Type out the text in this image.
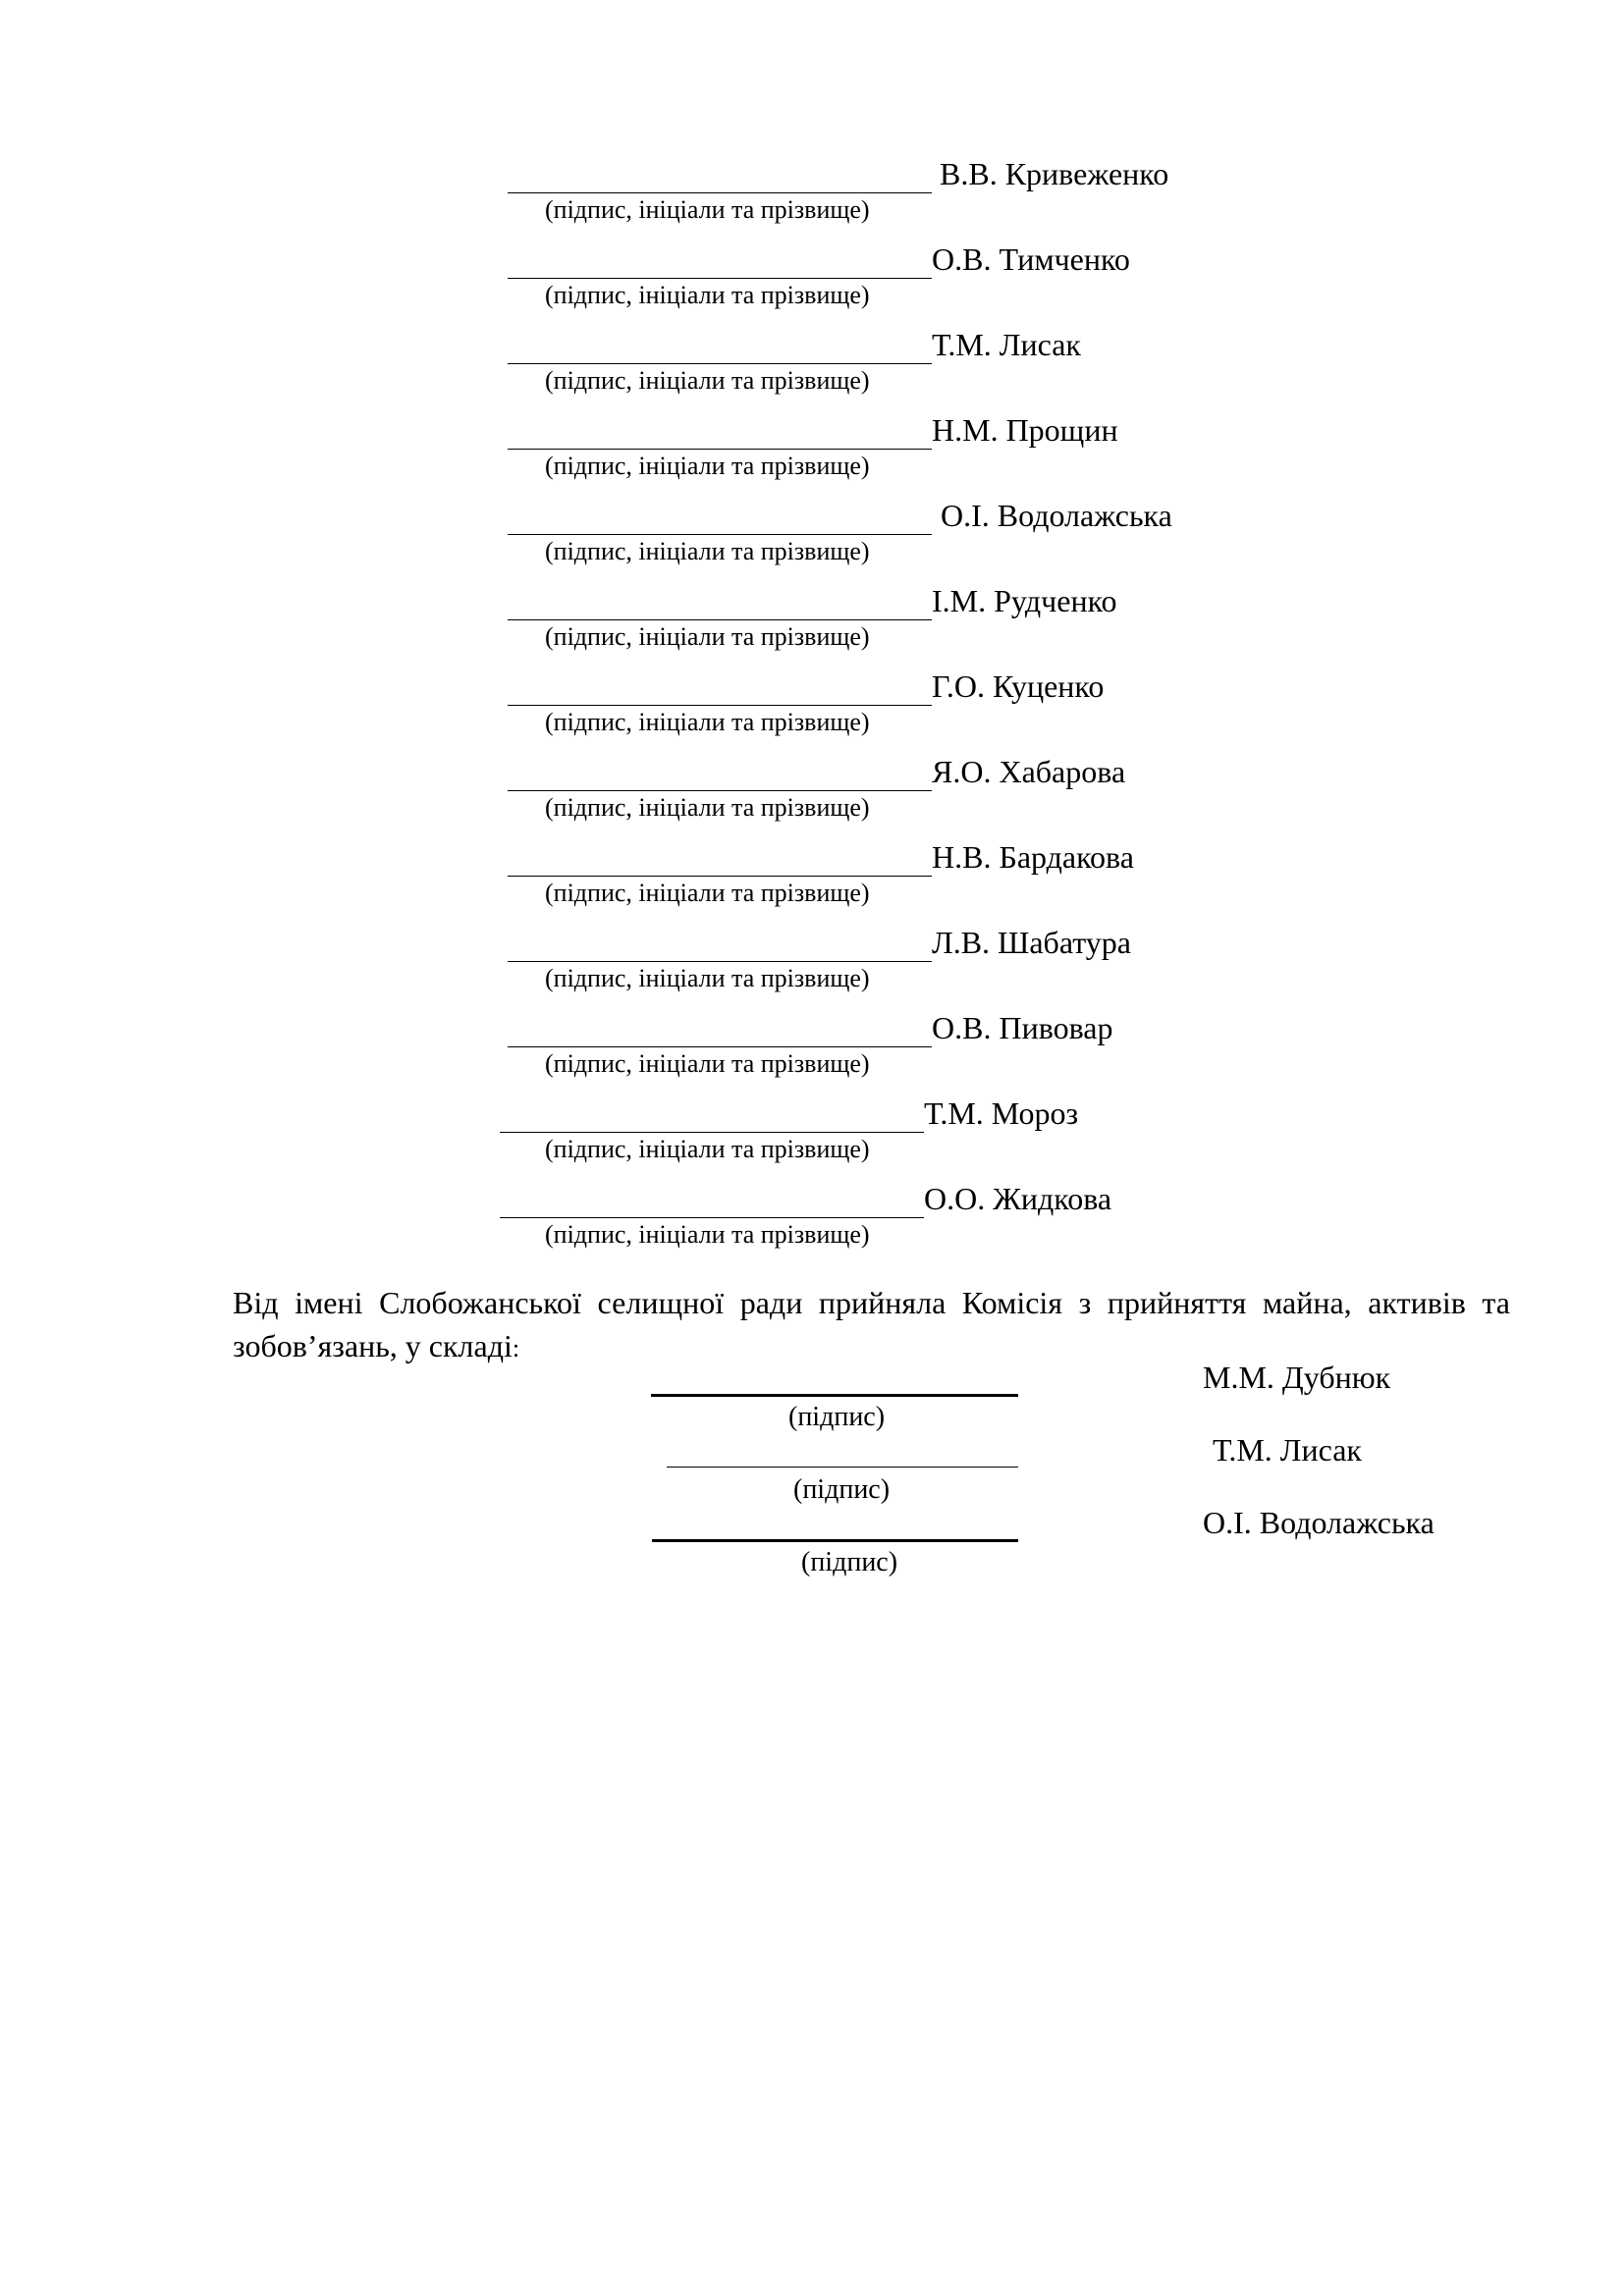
В.В. Кривеженко
(підпис, ініціали та прізвище)
О.В. Тимченко
(підпис, ініціали та прізвище)
Т.М. Лисак
(підпис, ініціали та прізвище)
Н.М. Прощин
(підпис, ініціали та прізвище)
О.І. Водолажська
(підпис, ініціали та прізвище)
І.М. Рудченко
(підпис, ініціали та прізвище)
Г.О. Куценко
(підпис, ініціали та прізвище)
Я.О. Хабарова
(підпис, ініціали та прізвище)
Н.В. Бардакова
(підпис, ініціали та прізвище)
Л.В. Шабатура
(підпис, ініціали та прізвище)
О.В. Пивовар
(підпис, ініціали та прізвище)
Т.М. Мороз
(підпис, ініціали та прізвище)
О.О. Жидкова
(підпис, ініціали та прізвище)
Від імені Слобожанської селищної ради прийняла Комісія з прийняття майна, активів та
зобов’язань, у складі:
(підпис)
М.М. Дубнюк
(підпис)
Т.М. Лисак
(підпис)
О.І. Водолажська
